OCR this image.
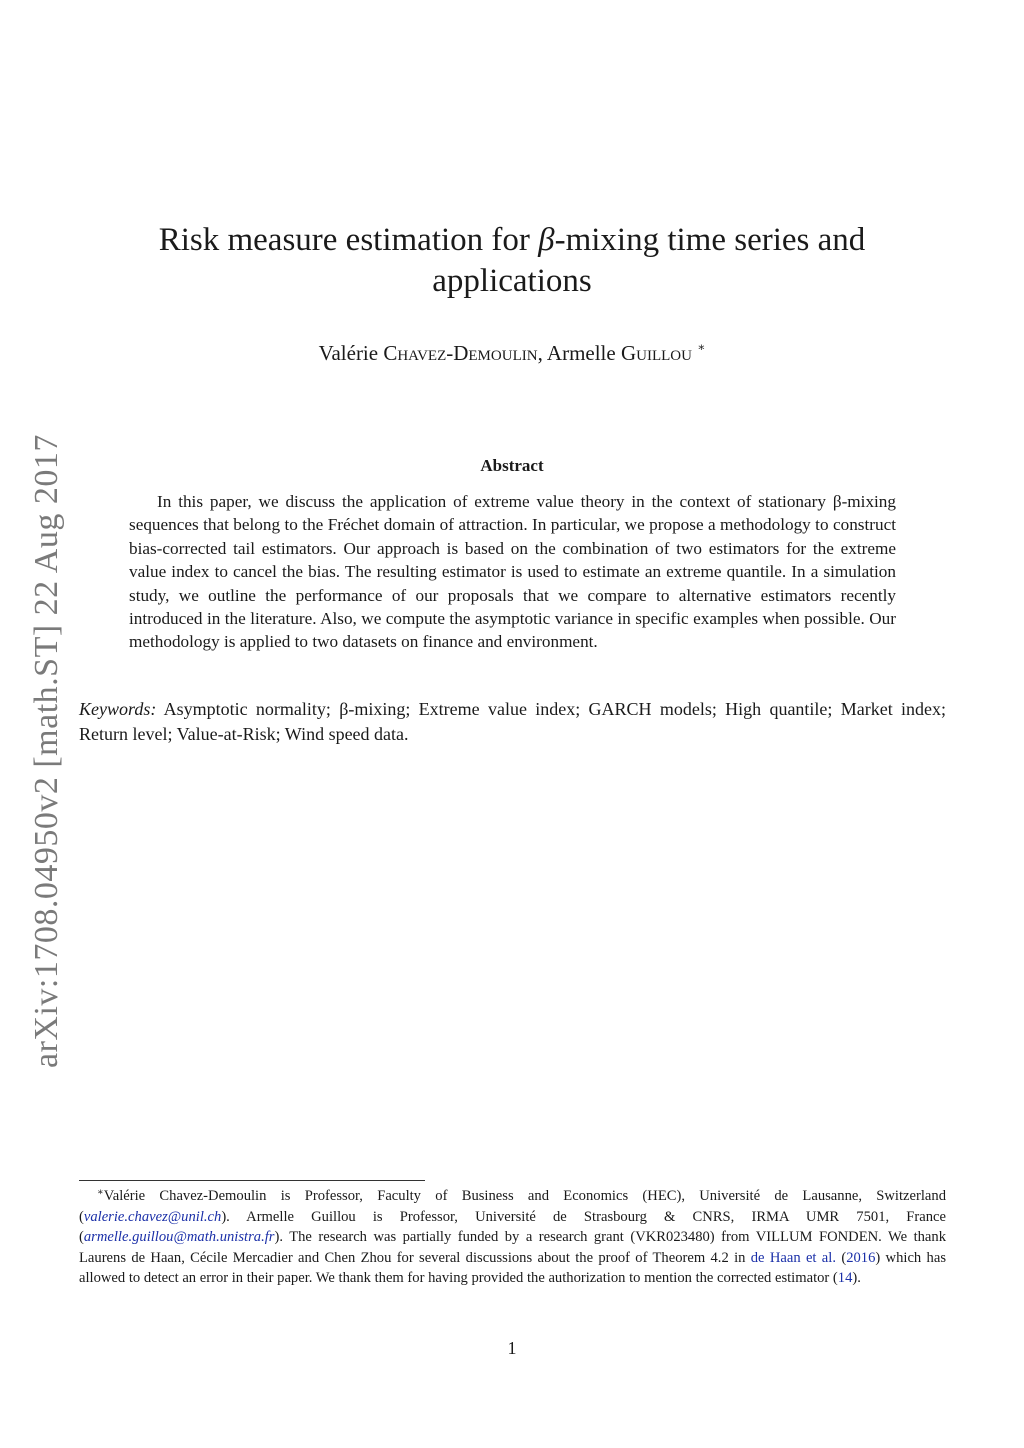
arXiv:1708.04950v2 [math.ST] 22 Aug 2017
Risk measure estimation for β-mixing time series and applications
Valérie Chavez-Demoulin, Armelle Guillou ∗
Abstract

In this paper, we discuss the application of extreme value theory in the context of stationary β-mixing sequences that belong to the Fréchet domain of attraction. In particular, we propose a methodology to construct bias-corrected tail estimators. Our approach is based on the combination of two estimators for the extreme value index to cancel the bias. The resulting estimator is used to estimate an extreme quantile. In a simulation study, we outline the performance of our proposals that we compare to alternative estimators recently introduced in the literature. Also, we compute the asymptotic variance in specific examples when possible. Our methodology is applied to two datasets on finance and environment.

Keywords: Asymptotic normality; β-mixing; Extreme value index; GARCH models; High quantile; Market index; Return level; Value-at-Risk; Wind speed data.

∗Valérie Chavez-Demoulin is Professor, Faculty of Business and Economics (HEC), Université de Lausanne, Switzerland (valerie.chavez@unil.ch). Armelle Guillou is Professor, Université de Strasbourg & CNRS, IRMA UMR 7501, France (armelle.guillou@math.unistra.fr). The research was partially funded by a research grant (VKR023480) from VILLUM FONDEN. We thank Laurens de Haan, Cécile Mercadier and Chen Zhou for several discussions about the proof of Theorem 4.2 in de Haan et al. (2016) which has allowed to detect an error in their paper. We thank them for having provided the authorization to mention the corrected estimator (14).

1
